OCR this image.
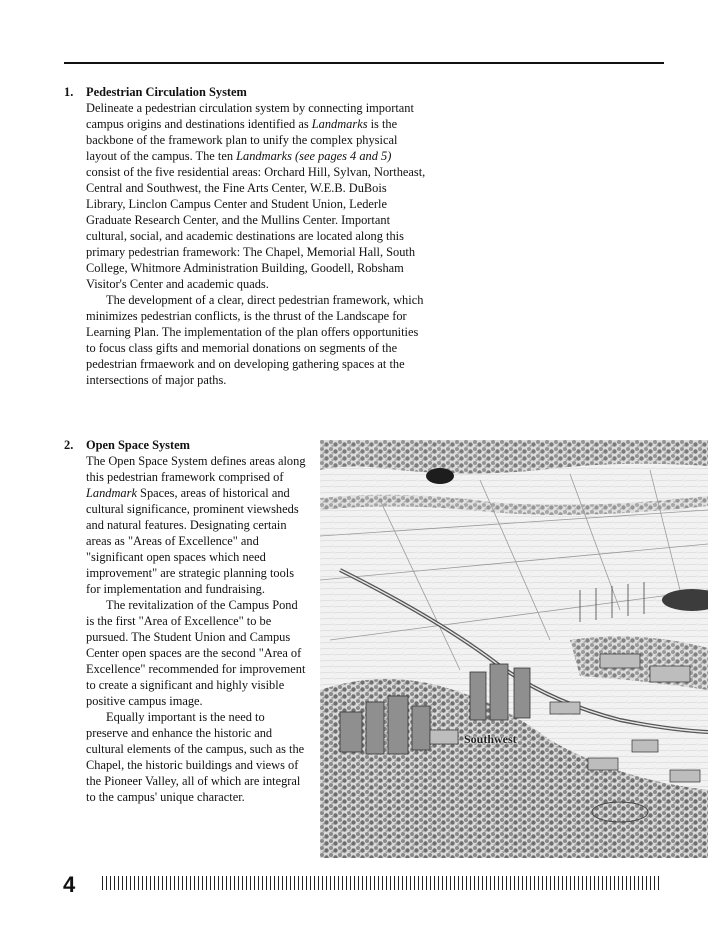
1. Pedestrian Circulation System

Delineate a pedestrian circulation system by connecting important campus origins and destinations identified as Landmarks is the backbone of the framework plan to unify the complex physical layout of the campus. The ten Landmarks (see pages 4 and 5) consist of the five residential areas: Orchard Hill, Sylvan, Northeast, Central and Southwest, the Fine Arts Center, W.E.B. DuBois Library, Linclon Campus Center and Student Union, Lederle Graduate Research Center, and the Mullins Center. Important cultural, social, and academic destinations are located along this primary pedestrian framework: The Chapel, Memorial Hall, South College, Whitmore Administration Building, Goodell, Robsham Visitor's Center and academic quads.

The development of a clear, direct pedestrian framework, which minimizes pedestrian conflicts, is the thrust of the Landscape for Learning Plan. The implementation of the plan offers opportunities to focus class gifts and memorial donations on segments of the pedestrian frmaework and on developing gathering spaces at the intersections of major paths.

2. Open Space System

The Open Space System defines areas along this pedestrian framework comprised of Landmark Spaces, areas of historical and cultural significance, prominent viewsheds and natural features. Designating certain areas as "Areas of Excellence" and "significant open spaces which need improvement" are strategic planning tools for implementation and fundraising.

The revitalization of the Campus Pond is the first "Area of Excellence" to be pursued. The Student Union and Campus Center open spaces are the second "Area of Excellence" recommended for improvement to create a significant and highly visible positive campus image.

Equally important is the need to preserve and enhance the historic and cultural elements of the campus, such as the Chapel, the historic buildings and views of the Pioneer Valley, all of which are integral to the campus' unique character.

Southwest
4
